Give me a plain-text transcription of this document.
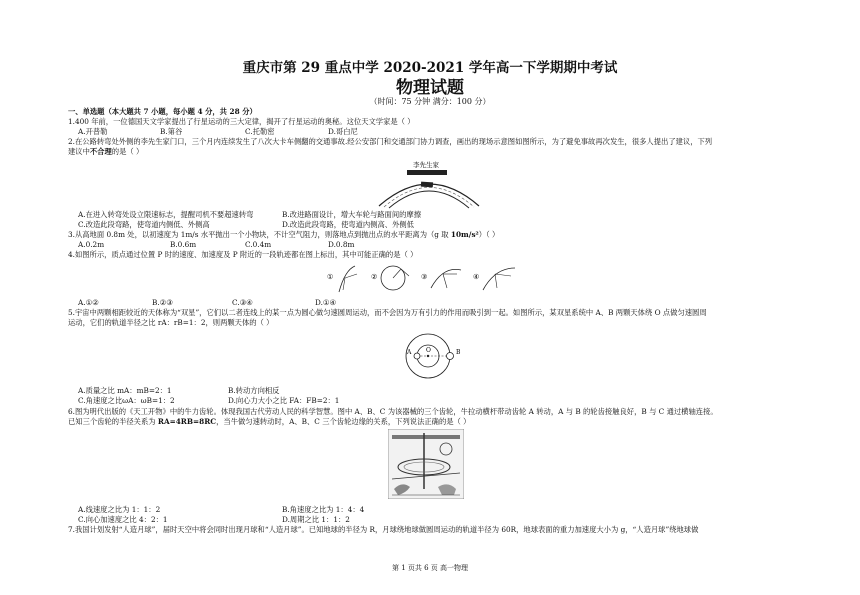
重庆市第 29 重点中学 2020-2021 学年高一下学期期中考试
物理试题
（时间：75 分钟 满分：100 分）
一、单选题（本大题共 7 小题，每小题 4 分，共 28 分）
1.400 年前，一位德国天文学家提出了行星运动的三大定律，揭开了行星运动的奥秘。这位天文学家是（ ）
A.开普勒	B.第谷	C.托勒密	D.哥白尼
2.在公路转弯处外侧的李先生家门口，三个月内连续发生了八次大卡车侧翻的交通事故.经公安部门和交通部门协力调查，画出的现场示意图如图所示，为了避免事故再次发生，很多人提出了建议，下列
建议中不合理的是（ ）
李先生家
A.在进入转弯处设立限速标志，提醒司机不要超速转弯	B.改进路面设计，增大车轮与路面间的摩擦
C.改造此段弯路，使弯道内侧低、外侧高	D.改造此段弯路，使弯道内侧高、外侧低
3.从高地面 0.8m 处，以初速度为 1m/s 水平抛出一个小物块，不计空气阻力，则落地点到抛出点的水平距离为（g 取 10m/s²）（ ）
A.0.2m	B.0.6m	C.0.4m	D.0.8m
4.如图所示，质点通过位置 P 时的速度、加速度及 P 附近的一段轨迹都在图上标出，其中可能正确的是（ ）
①	②	③	④
A.①②	B.②③	C.③④	D.①④
5.宇宙中两颗相距较近的天体称为“双星”，它们以二者连线上的某一点为圆心做匀速圆周运动，而不会因为万有引力的作用而吸引到一起。如图所示，某双星系统中 A、B 两颗天体绕 O 点做匀速圆周
运动，它们的轨道半径之比 rA：rB=1：2，则两颗天体的（ ）
A O	B
A.质量之比 mA：mB=2：1	B.转动方向相反
C.角速度之比ωA：ωB=1：2	D.向心力大小之比 FA：FB=2：1
6.图为明代出版的《天工开物》中的牛力齿轮。体现我国古代劳动人民的科学智慧。图中 A、B、C 为该器械的三个齿轮，牛拉动横杆带动齿轮 A 转动，A 与 B 的轮齿接触良好，B 与 C 通过横轴连接。
已知三个齿轮的半径关系为 RA=4RB=8RC，当牛做匀速转动时，A、B、C 三个齿轮边缘的关系，下列说法正确的是（ ）
A.线速度之比为 1：1：2	B.角速度之比为 1：4：4
C.向心加速度之比 4：2：1	D.周期之比 1：1：2
7.我国计划发射“人造月球”，届时天空中将会同时出现月球和“人造月球”。已知地球的半径为 R，月球绕地球做圆周运动的轨道半径为 60R，地球表面的重力加速度大小为 g，“人造月球”绕地球做
第 1 页共 6 页 高一物理
